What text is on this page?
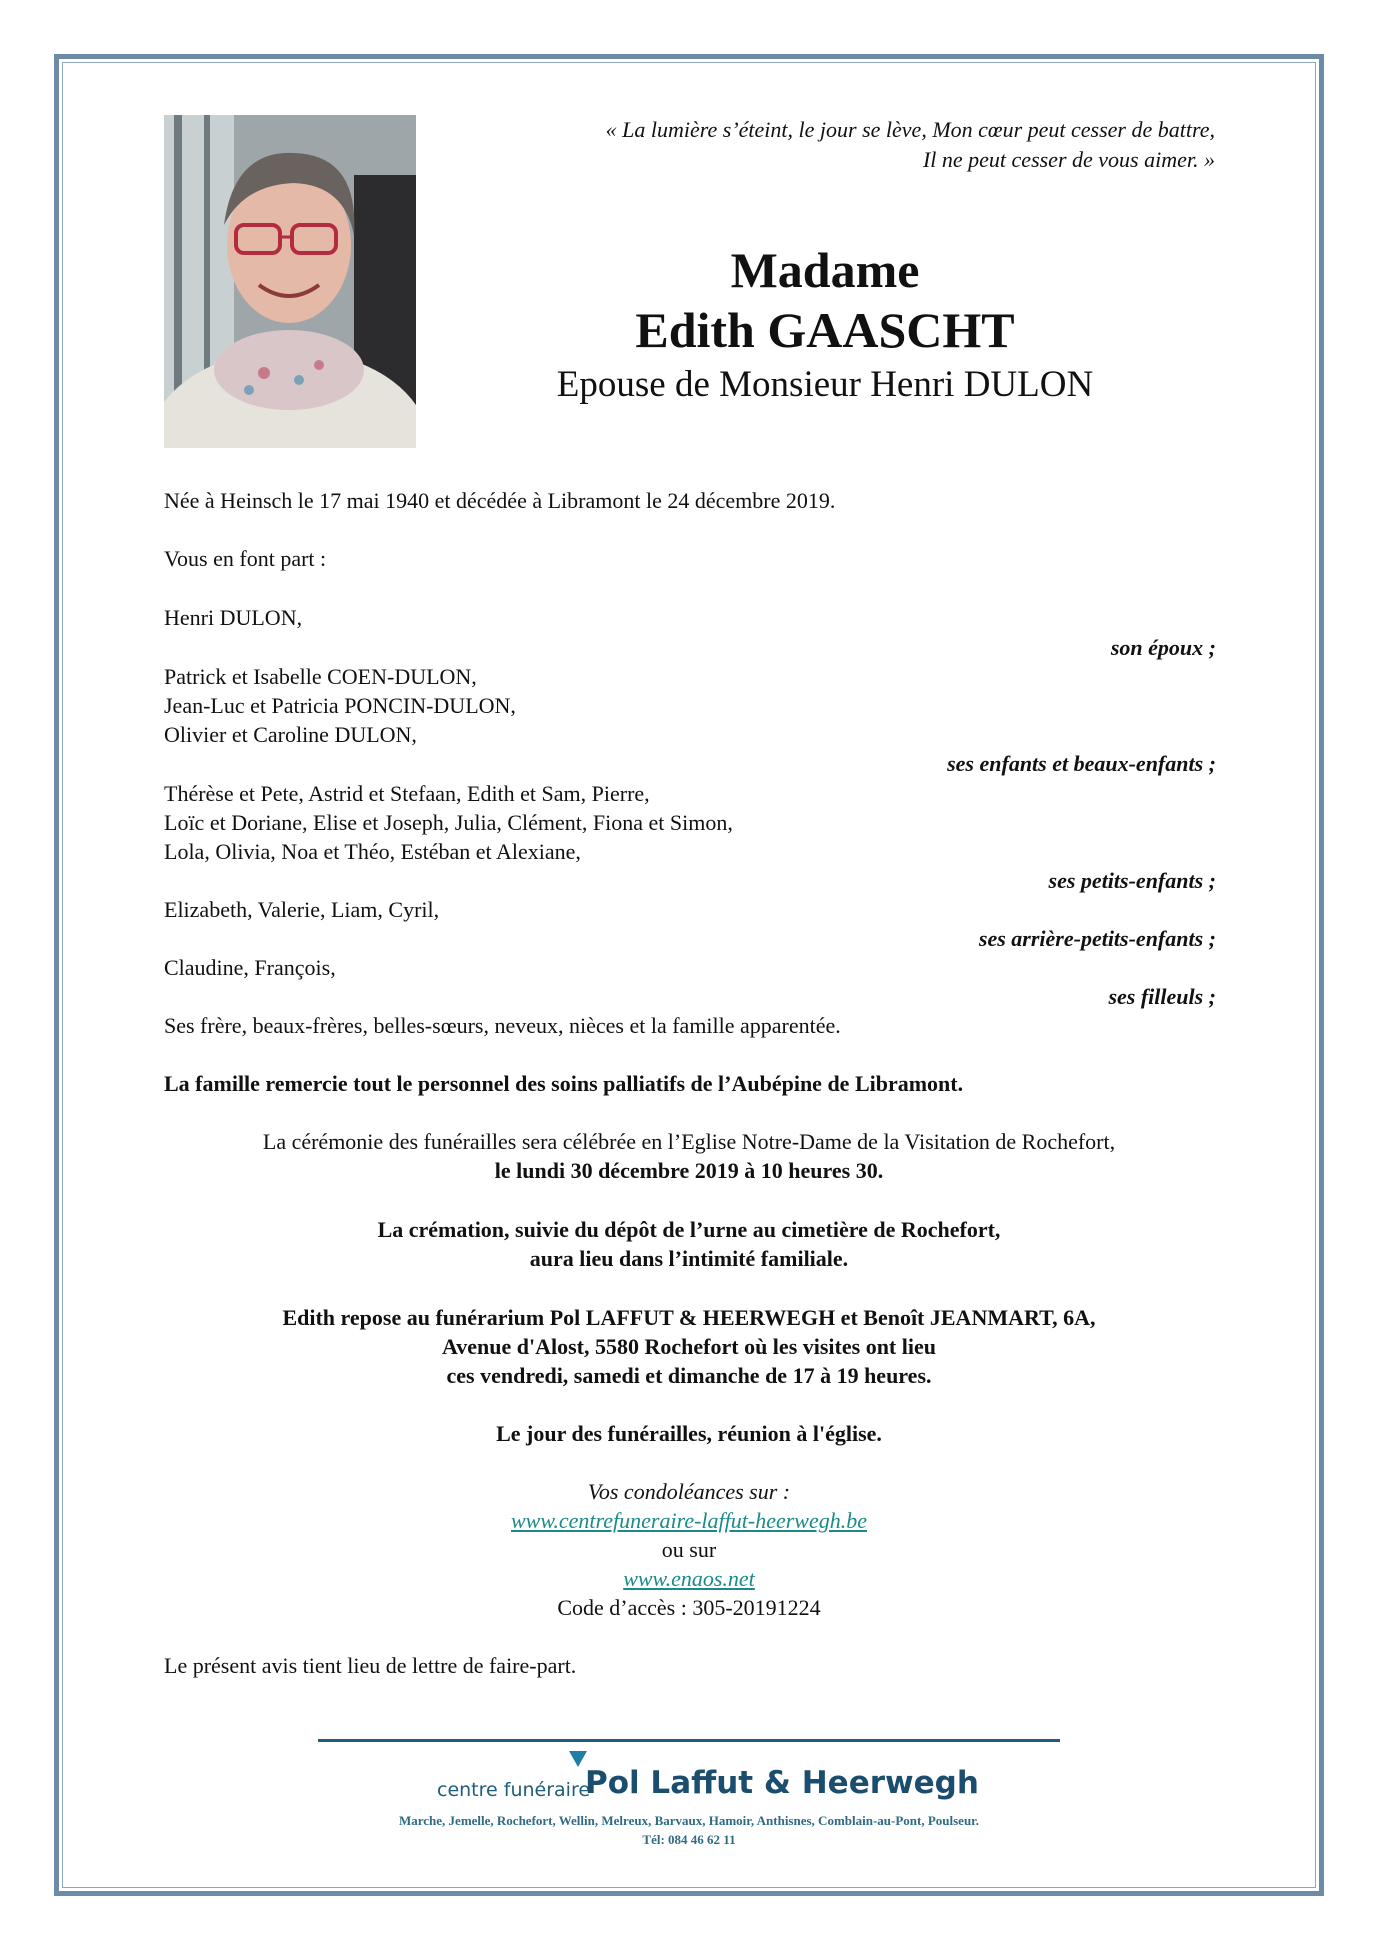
« La lumière s’éteint, le jour se lève, Mon cœur peut cesser de battre,
Il ne peut cesser de vous aimer. »

Madame

Edith GAASCHT

Epouse de Monsieur Henri DULON

Née à Heinsch le 17 mai 1940 et décédée à Libramont le 24 décembre 2019.
Vous en font part :
Henri DULON,
son époux ;
Patrick et Isabelle COEN-DULON,
Jean-Luc et Patricia PONCIN-DULON,
Olivier et Caroline DULON,
ses enfants et beaux-enfants ;
Thérèse et Pete, Astrid et Stefaan, Edith et Sam, Pierre,
Loïc et Doriane, Elise et Joseph, Julia, Clément, Fiona et Simon,
Lola, Olivia, Noa et Théo, Estéban et Alexiane,
ses petits-enfants ;
Elizabeth, Valerie, Liam, Cyril,
ses arrière-petits-enfants ;
Claudine, François,
ses filleuls ;
Ses frère, beaux-frères, belles-sœurs, neveux, nièces et la famille apparentée.
La famille remercie tout le personnel des soins palliatifs de l’Aubépine de Libramont.
La cérémonie des funérailles sera célébrée en l’Eglise Notre-Dame de la Visitation de Rochefort,
le lundi 30 décembre 2019 à 10 heures 30.
La crémation, suivie du dépôt de l’urne au cimetière de Rochefort,
aura lieu dans l’intimité familiale.
Edith repose au funérarium Pol LAFFUT & HEERWEGH et Benoît JEANMART, 6A,
Avenue d'Alost, 5580 Rochefort où les visites ont lieu
ces vendredi, samedi et dimanche de 17 à 19 heures.
Le jour des funérailles, réunion à l'église.
Vos condoléances sur :
www.centrefuneraire-laffut-heerwegh.be
ou sur
www.enaos.net
Code d’accès : 305-20191224
Le présent avis tient lieu de lettre de faire-part.
centre funéraire
Pol Laffut & Heerwegh
Marche, Jemelle, Rochefort, Wellin, Melreux, Barvaux, Hamoir, Anthisnes, Comblain-au-Pont, Poulseur.
Tél: 084 46 62 11
